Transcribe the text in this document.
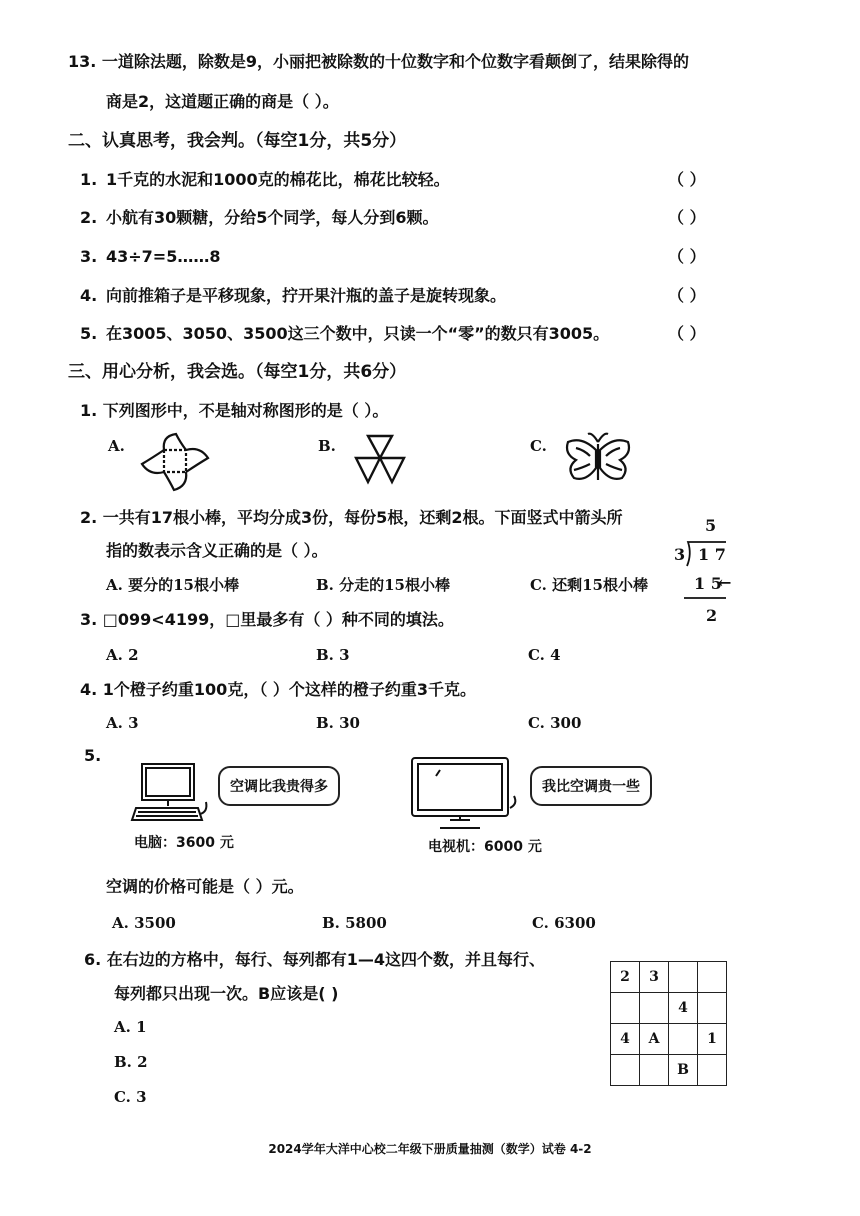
13. 一道除法题，除数是9，小丽把被除数的十位数字和个位数字看颠倒了，结果除得的
商是2，这道题正确的商是（ ）。
二、认真思考，我会判。（每空1分，共5分）
1. 1千克的水泥和1000克的棉花比，棉花比较轻。	（ ）
2. 小航有30颗糖，分给5个同学，每人分到6颗。	（ ）
3. 43÷7=5……8	（ ）
4. 向前推箱子是平移现象，拧开果汁瓶的盖子是旋转现象。	（ ）
5. 在3005、3050、3500这三个数中，只读一个“零”的数只有3005。	（ ）
三、用心分析，我会选。（每空1分，共6分）
1. 下列图形中，不是轴对称图形的是（ ）。
A.	B.	C.
2. 一共有17根小棒，平均分成3份，每份5根，还剩2根。下面竖式中箭头所
指的数表示含义正确的是（ ）。
A. 要分的15根小棒	B. 分走的15根小棒	C. 还剩15根小棒
5
3 1 7
1 5
←
2
3. □099<4199，□里最多有（ ）种不同的填法。
A. 2	B. 3	C. 4
4. 1个橙子约重100克，（ ）个这样的橙子约重3千克。
A. 3	B. 30	C. 300
5.
空调比我贵得多
电脑：3600 元
我比空调贵一些
电视机：6000 元
空调的价格可能是（ ）元。
A. 3500	B. 5800	C. 6300
6. 在右边的方格中，每行、每列都有1—4这四个数，并且每行、
每列都只出现一次。B应该是( )
A. 1
B. 2
C. 3
2	3		
		4	
4	A		1
		B	
2024学年大洋中心校二年级下册质量抽测（数学）试卷 4-2
